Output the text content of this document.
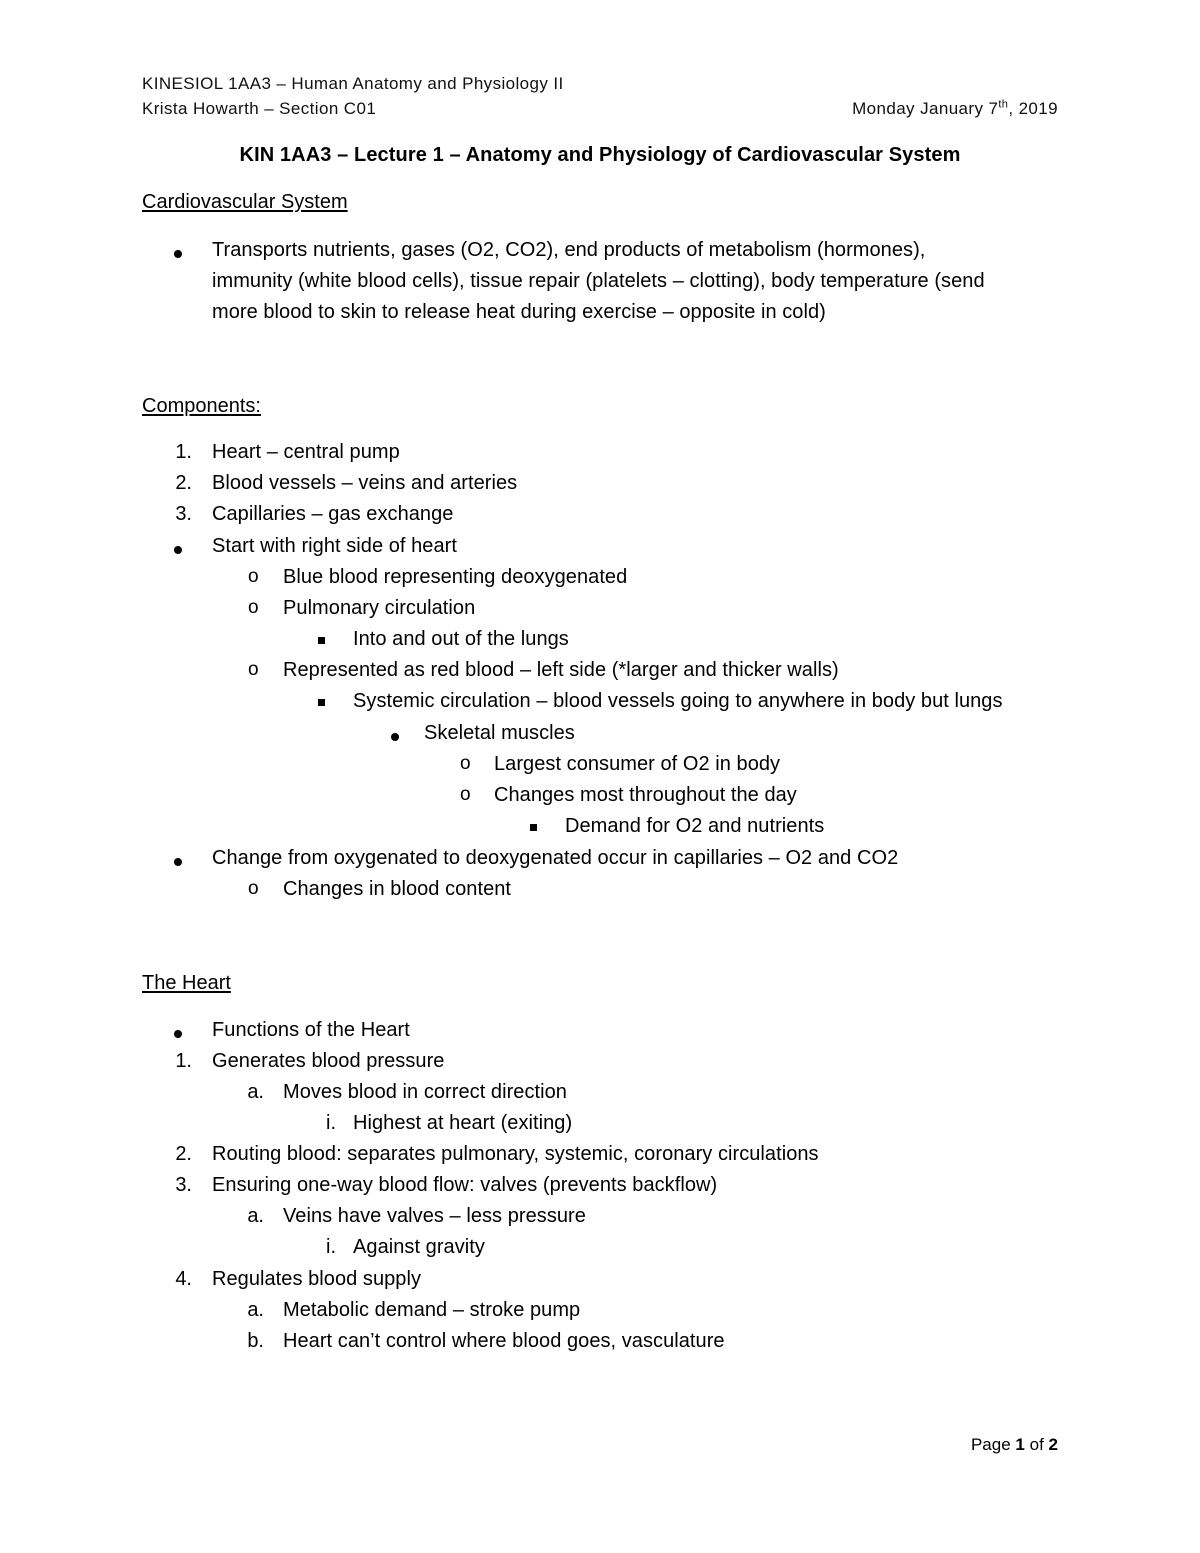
KINESIOL 1AA3 – Human Anatomy and Physiology II
Krista Howarth – Section C01	Monday January 7th, 2019
KIN 1AA3 – Lecture 1 – Anatomy and Physiology of Cardiovascular System
Cardiovascular System
Transports nutrients, gases (O2, CO2), end products of metabolism (hormones),
immunity (white blood cells), tissue repair (platelets – clotting), body temperature (send
more blood to skin to release heat during exercise – opposite in cold)
Components:
1. Heart – central pump
2. Blood vessels – veins and arteries
3. Capillaries – gas exchange
Start with right side of heart
o Blue blood representing deoxygenated
o Pulmonary circulation
Into and out of the lungs
o Represented as red blood – left side (*larger and thicker walls)
Systemic circulation – blood vessels going to anywhere in body but lungs
Skeletal muscles
o Largest consumer of O2 in body
o Changes most throughout the day
Demand for O2 and nutrients
Change from oxygenated to deoxygenated occur in capillaries – O2 and CO2
o Changes in blood content
The Heart
Functions of the Heart
1. Generates blood pressure
a. Moves blood in correct direction
i. Highest at heart (exiting)
2. Routing blood: separates pulmonary, systemic, coronary circulations
3. Ensuring one-way blood flow: valves (prevents backflow)
a. Veins have valves – less pressure
i. Against gravity
4. Regulates blood supply
a. Metabolic demand – stroke pump
b. Heart can’t control where blood goes, vasculature
Page 1 of 2
